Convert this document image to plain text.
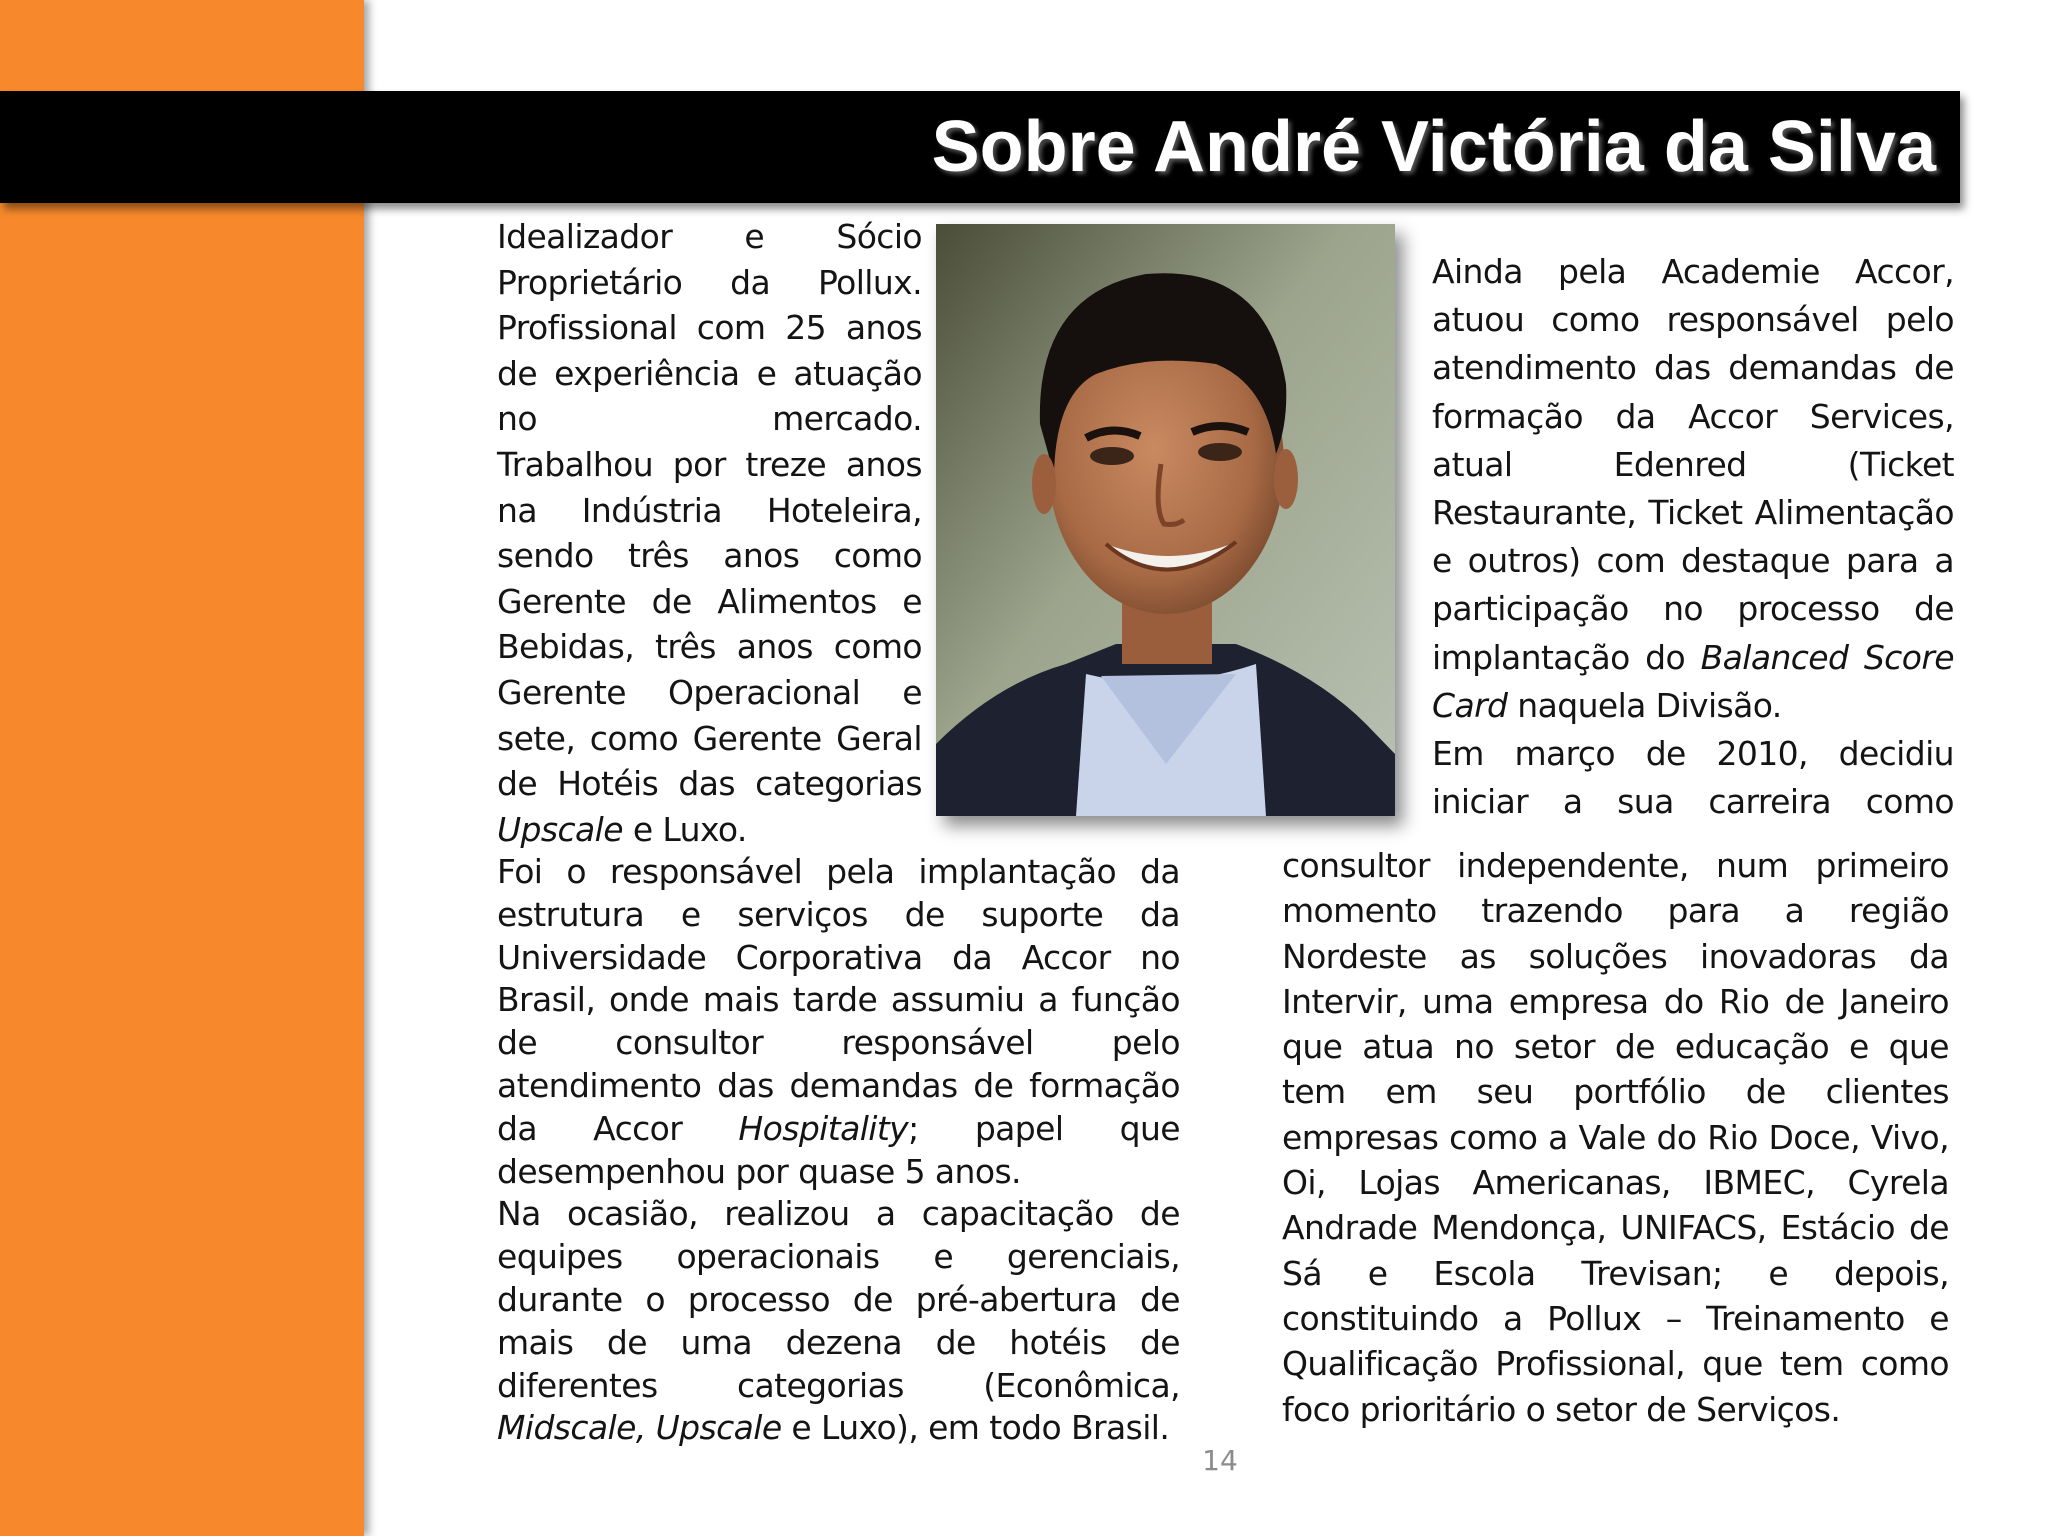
Sobre André Victória da Silva

Idealizador e Sócio Proprietário da Pollux.

Profissional com 25 anos de experiência e atuação no mercado.

Trabalhou por treze anos na Indústria Hoteleira, sendo três anos como Gerente de Alimentos e Bebidas, três anos como Gerente Operacional e sete, como Gerente Geral de Hotéis das categorias Upscale e Luxo.

Ainda pela Academie Accor, atuou como responsável pelo atendimento das demandas de formação da Accor Services, atual Edenred (Ticket Restaurante, Ticket Alimentação e outros) com destaque para a participação no processo de implantação do Balanced Score Card naquela Divisão.

Em março de 2010, decidiu iniciar a sua carreira como

Foi o responsável pela implantação da estrutura e serviços de suporte da Universidade Corporativa da Accor no Brasil, onde mais tarde assumiu a função de consultor responsável pelo atendimento das demandas de formação da Accor Hospitality; papel que desempenhou por quase 5 anos.

Na ocasião, realizou a capacitação de equipes operacionais e gerenciais, durante o processo de pré-abertura de mais de uma dezena de hotéis de diferentes categorias (Econômica, Midscale, Upscale e Luxo), em todo Brasil.

consultor independente, num primeiro momento trazendo para a região Nordeste as soluções inovadoras da Intervir, uma empresa do Rio de Janeiro que atua no setor de educação e que tem em seu portfólio de clientes empresas como a Vale do Rio Doce, Vivo, Oi, Lojas Americanas, IBMEC, Cyrela Andrade Mendonça, UNIFACS, Estácio de Sá e Escola Trevisan; e depois, constituindo a Pollux – Treinamento e Qualificação Profissional, que tem como foco prioritário o setor de Serviços.

14
